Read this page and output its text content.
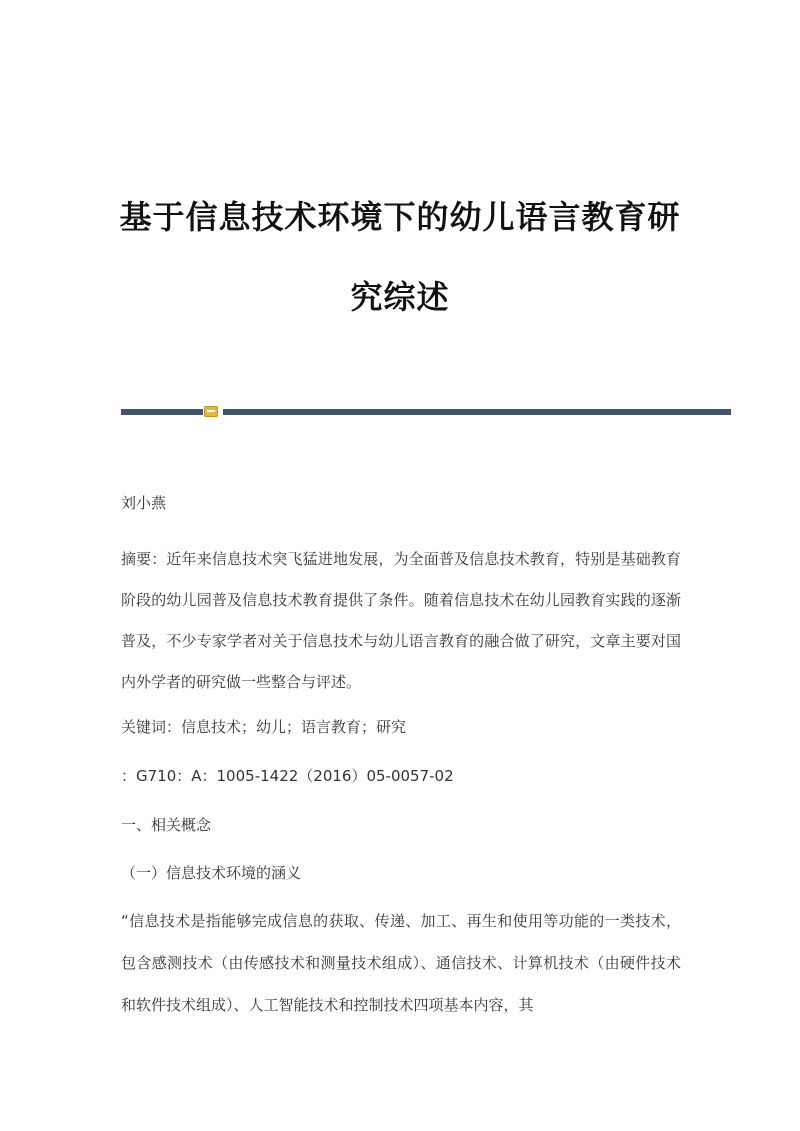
基于信息技术环境下的幼儿语言教育研
究综述

刘小燕

摘要：近年来信息技术突飞猛进地发展，为全面普及信息技术教育，特别是基础教育阶段的幼儿园普及信息技术教育提供了条件。随着信息技术在幼儿园教育实践的逐渐普及，不少专家学者对关于信息技术与幼儿语言教育的融合做了研究，文章主要对国内外学者的研究做一些整合与评述。

关键词：信息技术；幼儿；语言教育；研究

：G710：A：1005-1422（2016）05-0057-02

一、相关概念

（一）信息技术环境的涵义

“信息技术是指能够完成信息的获取、传递、加工、再生和使用等功能的一类技术，包含感测技术（由传感技术和测量技术组成）、通信技术、计算机技术（由硬件技术和软件技术组成）、人工智能技术和控制技术四项基本内容，其
